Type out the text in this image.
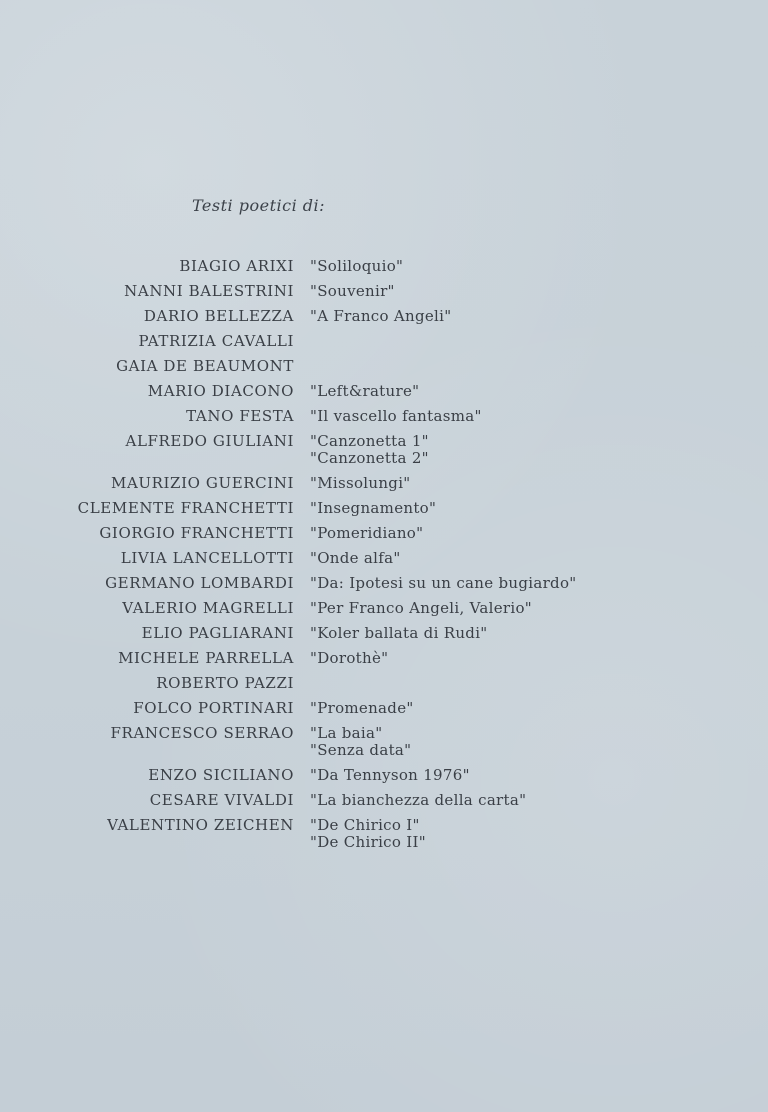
Testi poetici di:
BIAGIO ARIXI	"Soliloquio"
NANNI BALESTRINI	"Souvenir"
DARIO BELLEZZA	"A Franco Angeli"
PATRIZIA CAVALLI
GAIA DE BEAUMONT
MARIO DIACONO	"Left&rature"
TANO FESTA	"Il vascello fantasma"
ALFREDO GIULIANI	"Canzonetta 1"
"Canzonetta 2"
MAURIZIO GUERCINI	"Missolungi"
CLEMENTE FRANCHETTI	"Insegnamento"
GIORGIO FRANCHETTI	"Pomeridiano"
LIVIA LANCELLOTTI	"Onde alfa"
GERMANO LOMBARDI	"Da: Ipotesi su un cane bugiardo"
VALERIO MAGRELLI	"Per Franco Angeli, Valerio"
ELIO PAGLIARANI	"Koler ballata di Rudi"
MICHELE PARRELLA	"Dorothè"
ROBERTO PAZZI
FOLCO PORTINARI	"Promenade"
FRANCESCO SERRAO	"La baia"
"Senza data"
ENZO SICILIANO	"Da Tennyson 1976"
CESARE VIVALDI	"La bianchezza della carta"
VALENTINO ZEICHEN	"De Chirico I"
"De Chirico II"
